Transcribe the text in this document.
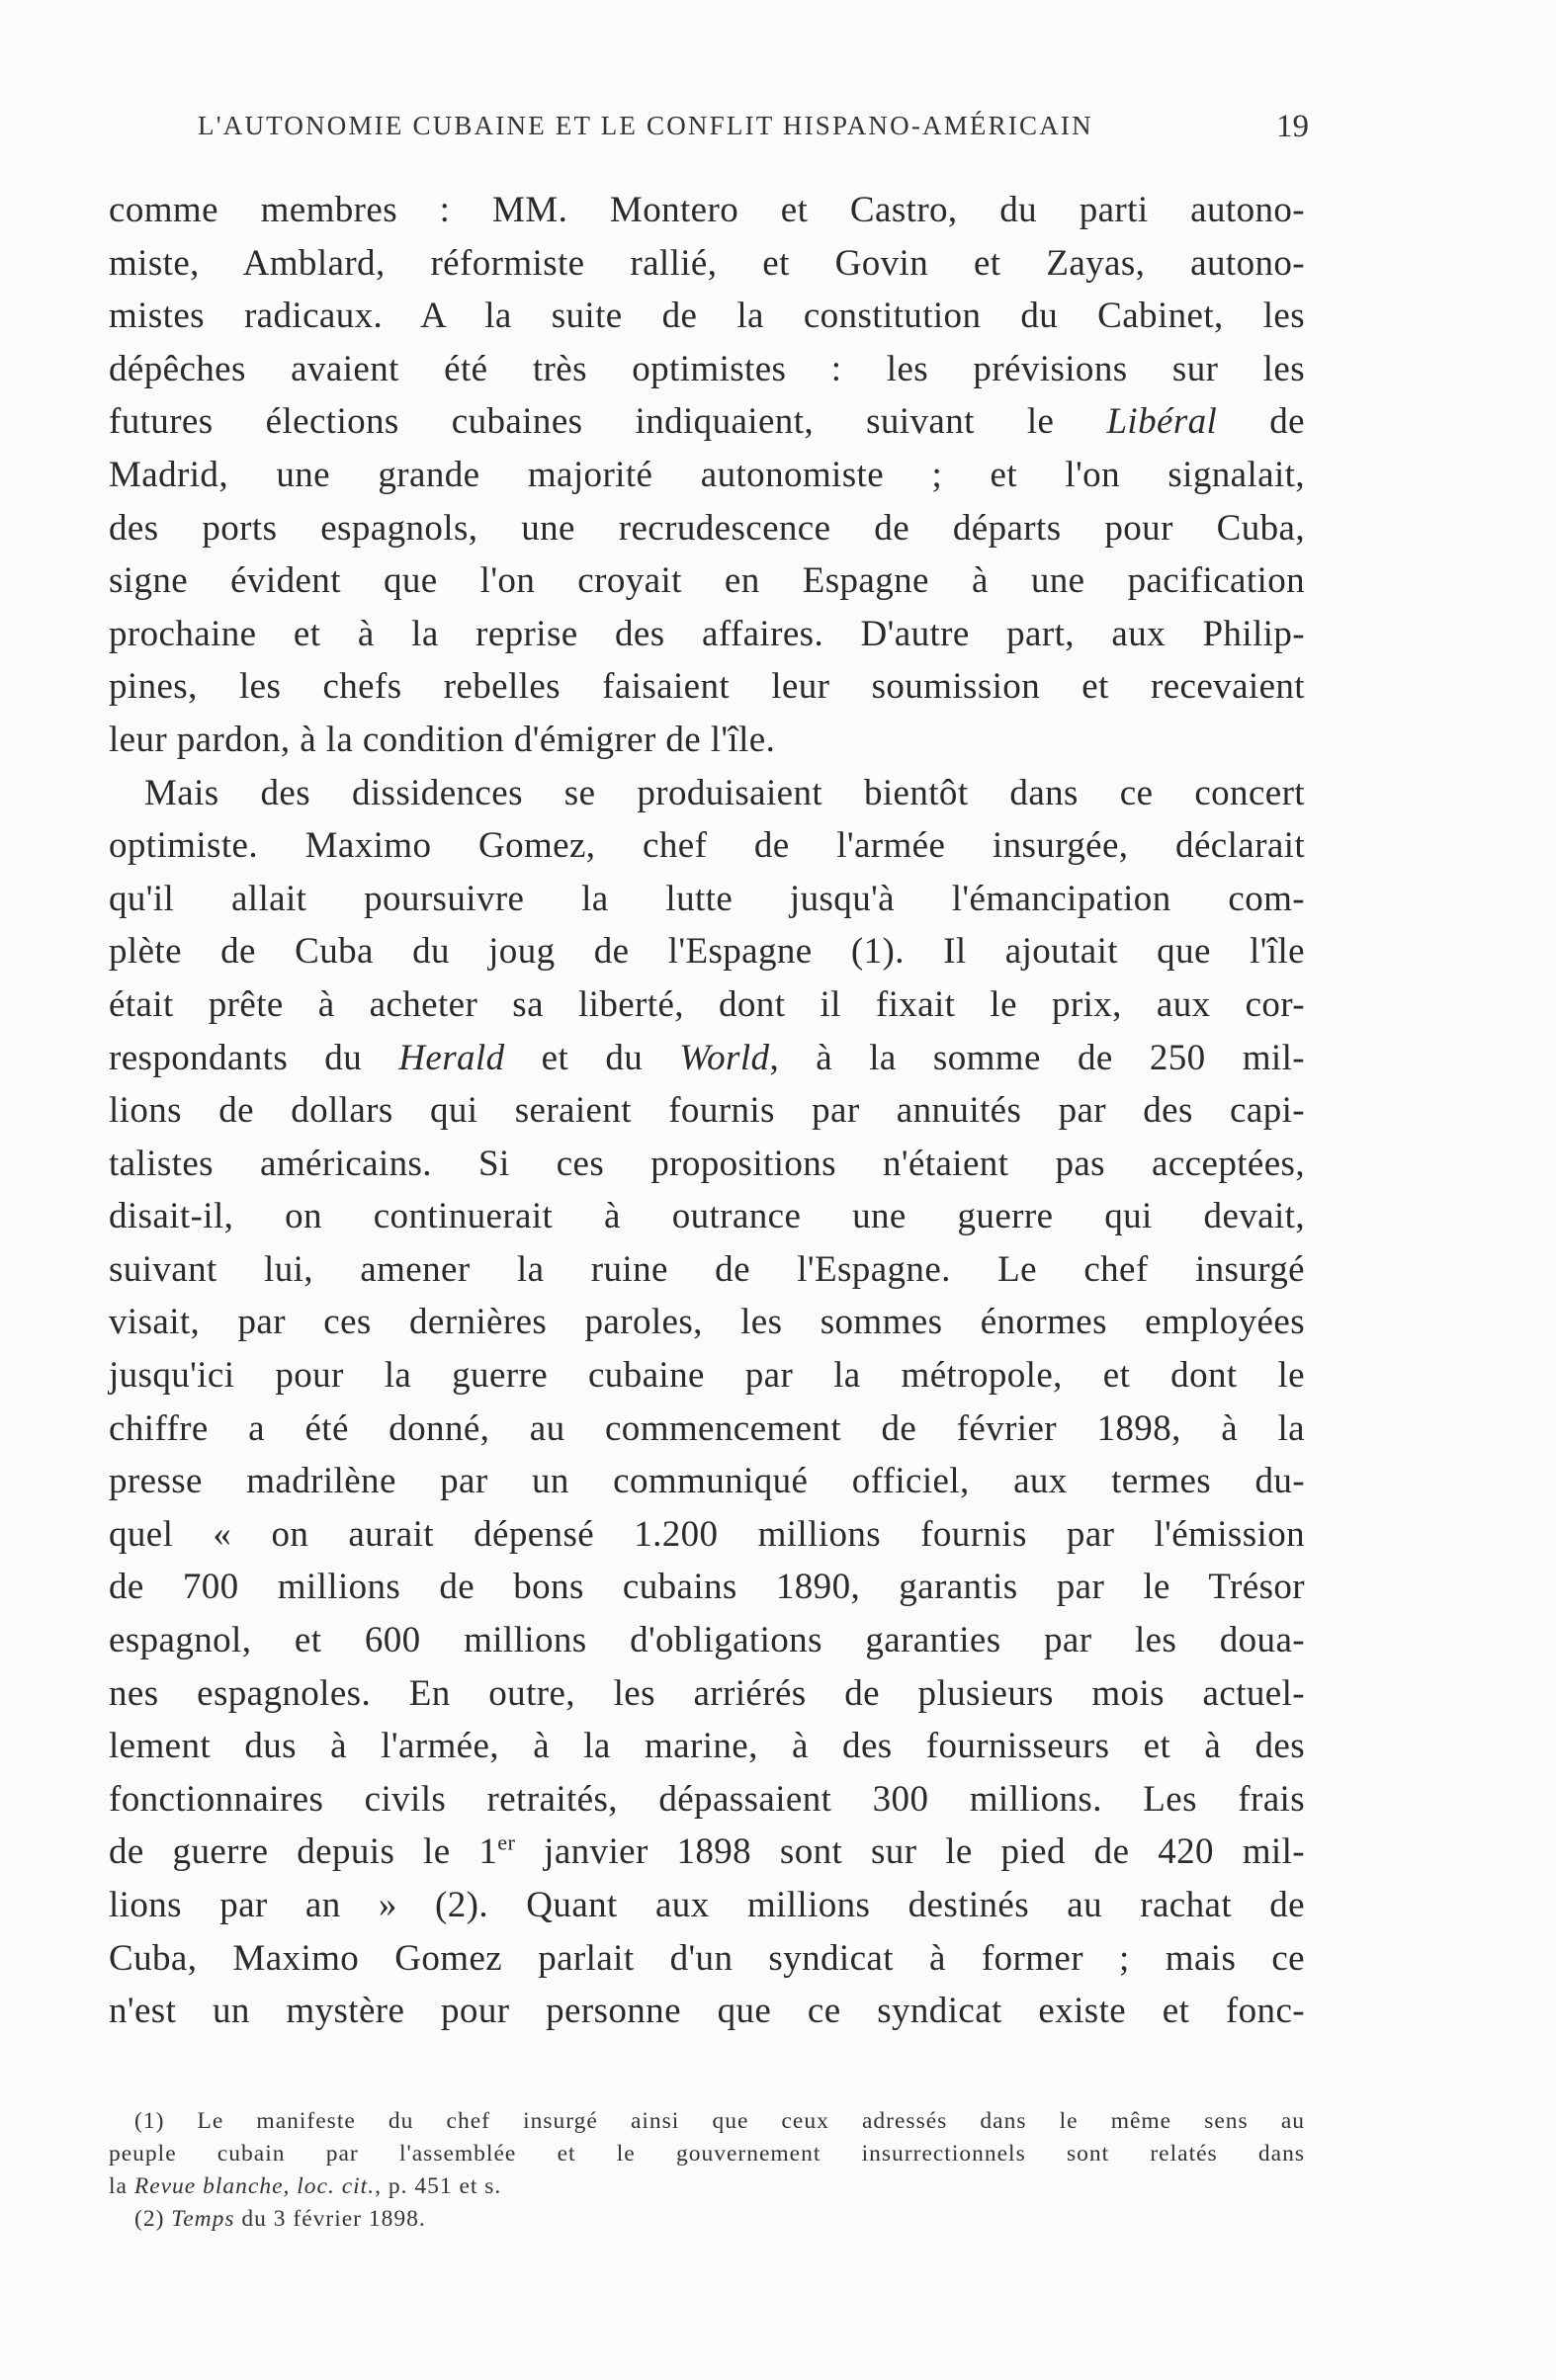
L'AUTONOMIE CUBAINE ET LE CONFLIT HISPANO-AMÉRICAIN	19
comme membres : MM. Montero et Castro, du parti autono-
miste, Amblard, réformiste rallié, et Govin et Zayas, autono-
mistes radicaux. A la suite de la constitution du Cabinet, les
dépêches avaient été très optimistes : les prévisions sur les
futures élections cubaines indiquaient, suivant le Libéral de
Madrid, une grande majorité autonomiste ; et l'on signalait,
des ports espagnols, une recrudescence de départs pour Cuba,
signe évident que l'on croyait en Espagne à une pacification
prochaine et à la reprise des affaires. D'autre part, aux Philip-
pines, les chefs rebelles faisaient leur soumission et recevaient
leur pardon, à la condition d'émigrer de l'île.
Mais des dissidences se produisaient bientôt dans ce concert
optimiste. Maximo Gomez, chef de l'armée insurgée, déclarait
qu'il allait poursuivre la lutte jusqu'à l'émancipation com-
plète de Cuba du joug de l'Espagne (1). Il ajoutait que l'île
était prête à acheter sa liberté, dont il fixait le prix, aux cor-
respondants du Herald et du World, à la somme de 250 mil-
lions de dollars qui seraient fournis par annuités par des capi-
talistes américains. Si ces propositions n'étaient pas acceptées,
disait-il, on continuerait à outrance une guerre qui devait,
suivant lui, amener la ruine de l'Espagne. Le chef insurgé
visait, par ces dernières paroles, les sommes énormes employées
jusqu'ici pour la guerre cubaine par la métropole, et dont le
chiffre a été donné, au commencement de février 1898, à la
presse madrilène par un communiqué officiel, aux termes du-
quel « on aurait dépensé 1.200 millions fournis par l'émission
de 700 millions de bons cubains 1890, garantis par le Trésor
espagnol, et 600 millions d'obligations garanties par les doua-
nes espagnoles. En outre, les arriérés de plusieurs mois actuel-
lement dus à l'armée, à la marine, à des fournisseurs et à des
fonctionnaires civils retraités, dépassaient 300 millions. Les frais
de guerre depuis le 1er janvier 1898 sont sur le pied de 420 mil-
lions par an » (2). Quant aux millions destinés au rachat de
Cuba, Maximo Gomez parlait d'un syndicat à former ; mais ce
n'est un mystère pour personne que ce syndicat existe et fonc-
(1) Le manifeste du chef insurgé ainsi que ceux adressés dans le même sens au
peuple cubain par l'assemblée et le gouvernement insurrectionnels sont relatés dans
la Revue blanche, loc. cit., p. 451 et s.
(2) Temps du 3 février 1898.
